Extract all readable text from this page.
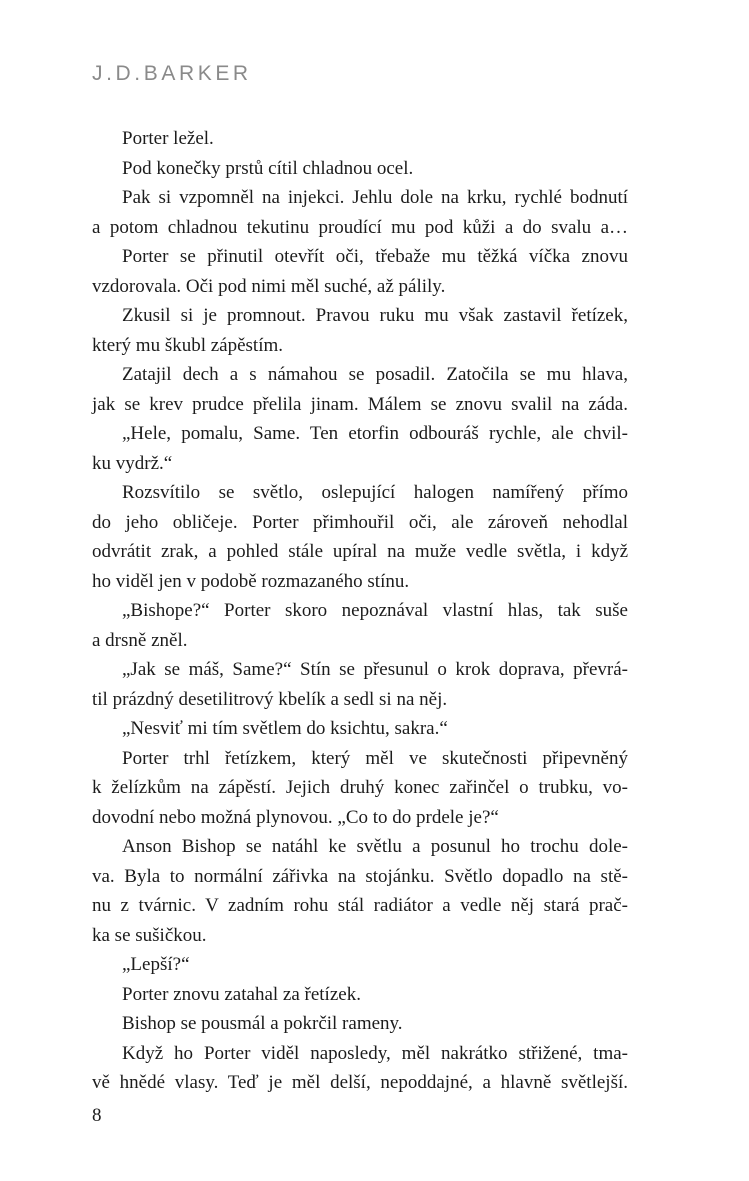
J.D.BARKER
Porter ležel.
Pod konečky prstů cítil chladnou ocel.
Pak si vzpomněl na injekci. Jehlu dole na krku, rychlé bodnutí
a potom chladnou tekutinu proudící mu pod kůži a do svalu a…
Porter se přinutil otevřít oči, třebaže mu těžká víčka znovu
vzdorovala. Oči pod nimi měl suché, až pálily.
Zkusil si je promnout. Pravou ruku mu však zastavil řetízek,
který mu škubl zápěstím.
Zatajil dech a s námahou se posadil. Zatočila se mu hlava,
jak se krev prudce přelila jinam. Málem se znovu svalil na záda.
„Hele, pomalu, Same. Ten etorfin odbouráš rychle, ale chvil-
ku vydrž.“
Rozsvítilo se světlo, oslepující halogen namířený přímo
do jeho obličeje. Porter přimhouřil oči, ale zároveň nehodlal
odvrátit zrak, a pohled stále upíral na muže vedle světla, i když
ho viděl jen v podobě rozmazaného stínu.
„Bishope?“ Porter skoro nepoznával vlastní hlas, tak suše
a drsně zněl.
„Jak se máš, Same?“ Stín se přesunul o krok doprava, převrá-
til prázdný desetilitrový kbelík a sedl si na něj.
„Nesviť mi tím světlem do ksichtu, sakra.“
Porter trhl řetízkem, který měl ve skutečnosti připevněný
k želízkům na zápěstí. Jejich druhý konec zařinčel o trubku, vo-
dovodní nebo možná plynovou. „Co to do prdele je?“
Anson Bishop se natáhl ke světlu a posunul ho trochu dole-
va. Byla to normální zářivka na stojánku. Světlo dopadlo na stě-
nu z tvárnic. V zadním rohu stál radiátor a vedle něj stará prač-
ka se sušičkou.
„Lepší?“
Porter znovu zatahal za řetízek.
Bishop se pousmál a pokrčil rameny.
Když ho Porter viděl naposledy, měl nakrátko střižené, tma-
vě hnědé vlasy. Teď je měl delší, nepoddajné, a hlavně světlejší.
8
